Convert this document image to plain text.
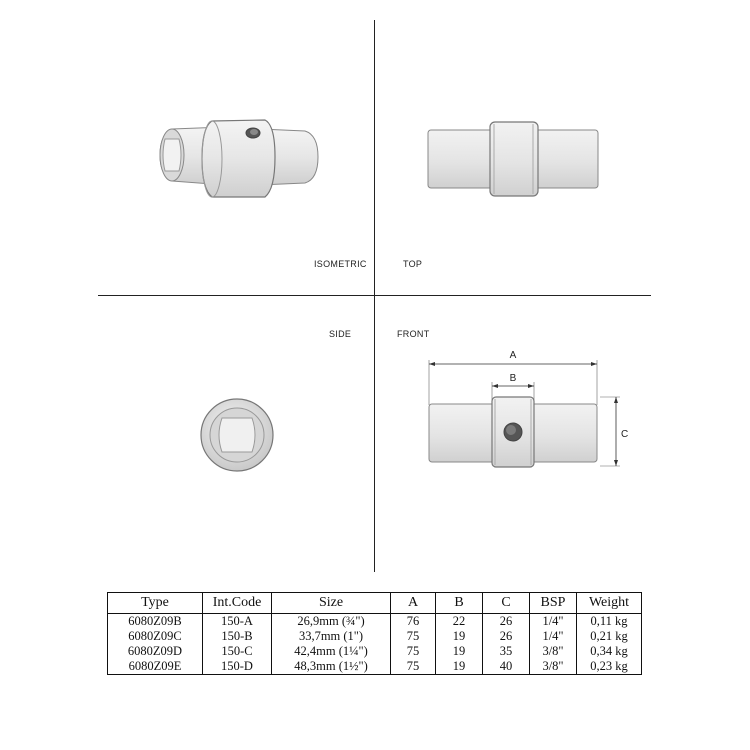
ISOMETRIC	TOP
SIDE	FRONT
A
B
C
Type	Int.Code	Size	A	B	C	BSP	Weight
6080Z09B	150-A	26,9mm (¾")	76	22	26	1/4"	0,11 kg
6080Z09C	150-B	33,7mm (1")	75	19	26	1/4"	0,21 kg
6080Z09D	150-C	42,4mm (1¼")	75	19	35	3/8"	0,34 kg
6080Z09E	150-D	48,3mm (1½")	75	19	40	3/8"	0,23 kg
